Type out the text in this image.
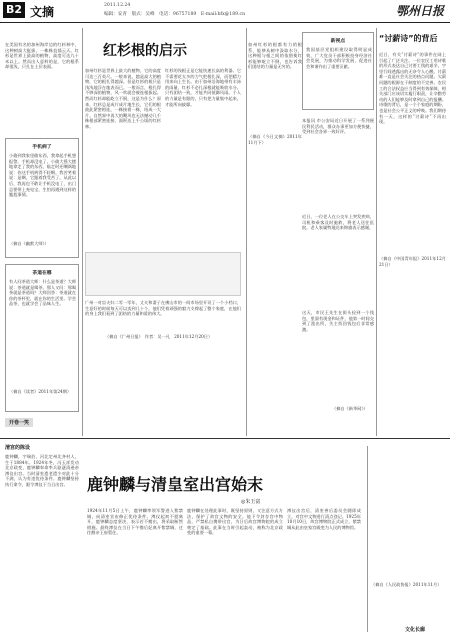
B2 文摘	2011.12.24
编辑：安青　版式：吴峰　电话：96757189　E-mail:bfx@189.cn	鄂州日报
在美国有名的加州海岸边的红杉林中，这种树高大挺拔，一株株直插云天。红杉是世界上最高的植物，高度可达九十米以上。然而出人意料的是，它的根系却很浅，只扎在土层表面。
手机病了
小偷到我家里偷东西，我拿起手机想报警，手机却没电了。小偷大摇大摆地拿走了我的东西，临走时还嘲讽地说：你这手机病得不轻啊。我苦笑着说：是啊，它跟着我受苦了。从此以后，我再也不敢让手机没电了，出门总要带上充电宝，生怕再遇到这样的尴尬事情。
（摘自《幽默大师》）
茶道在哪
有人问茶道大师：什么是茶道？大师说：茶道就是喝茶。那人又问：那喝茶就是茶道吗？大师回答：茶道就在你的茶杯里，就在你的生活里。学会品茶，也就学会了品味人生。
（摘自《读者》2011年第24期）
开卷一笑
红杉根的启示
加州红杉是世界上最大的植物，它的高度可达三百英尺。一般来说，越是高大的植物，它的根扎得越深。但是红杉的根只是浅浅地浮在地表而已。一般而言，根扎得不够深的植物，风一吹就会被连根拔起。然而红杉却能屹立不倒，这是为什么？原来，红杉总是成片成片地生长，它们的根彼此紧密相连，一株接着一株，结成一大片。自然界中再大的飓风也无法撼动几千株根部紧密连接、面积达上千公顷的红杉林。
红杉的浅根正是它能快速长高的利器。它不需要花太多的力气把根扎深，而把精力用来向上生长。由于加州沿海地带有丰沛的雨量，红杉不必扎深根就能吸收水分。只有团结一致，才能共同抵御风雨。个人的力量是有限的，只有把力量集中起来，才能所向披靡。
广州一对盲夫妇二零一零年，丈夫和妻子在佛山市的一间市场里开设了一个小档口，生意好的时候每天可以卖到几十个，他们凭着顽强的毅力支撑起了整个家庭，在他们的身上我们看到了团结的力量和爱的伟大。
（摘自《广州日报》　作者：吴一凡　2011年12月20日）
加州红杉的根都有力的根系，能够从树中汲取水分，这种根与根之间的依偎使红杉能够屹立不倒，也告诉我们团结的力量是无穷的。
（摘自《今日文摘》2011年11月下）
新视点
我国基层党组织建设取得明显成效，广大党员干部积极投身经济社会发展，为推动科学发展、促进社会和谐作出了重要贡献。
本报讯 市公安局近日开展了一系列便民利民活动，群众办事更加方便快捷，受到社会各界一致好评。
近日，一位老人在公交车上突发疾病，司机和乘客及时施救，将老人送往医院。老人家属特地送来锦旗表示感谢。
这天，市民王先生在街头捡到一个钱包，里面有现金和证件，他第一时间交到了派出所，失主找回钱包后非常感激。
（摘自《新华网》）
“讨薪诗”的背后
近日，有关“讨薪诗”的事件在网上引起了广泛关注。一位农民工用诗歌的形式表达自己讨要工钱的艰辛，字里行间透露出的无奈令人心酸。讨薪难一直是社会关注的热点问题。欠薪问题的根源在于制度的不完善。农民工的合法权益应当得到有效保障，相关部门应该切实履行职责，让辛勤劳动的人们能够及时拿到自己的报酬。诗歌的背后，是一个个家庭的期盼，也是社会公平正义的呼唤。我们期待有一天，这样的“讨薪诗”不再出现。
（摘自《中国青年报》2011年12月21日）
清宫的陈设
鹿钟麟，字瑞伯，河北定州北齐村人，生于1884年。1924年冬，冯玉祥发动北京政变，鹿钟麟奉命率兵驱逐清逊帝溥仪出宫。当时清室遗老遗少对此十分不满，认为有违优待条件。鹿钟麟坚持执行命令，限令溥仪于当日出宫。	鹿钟麟与清皇室出宫始末
◎朱玉富
1924年11月5日上午，鹿钟麟率领军警进入紫禁城，向清室宣布修正优待条件。溥仪起初不愿离开，鹿钟麟态度坚决，表示若不搬出，将采取断然措施。最终溥仪在当日下午携后妃离开紫禁城，迁往醇亲王府暂住。
鹿钟麟在处理此事时，既坚持原则，又注意方式方法，保护了故宫文物的安全。他下令封存宫中物品，严禁私自携带出宫，为日后故宫博物院的成立奠定了基础。此事在当时引起轰动，被称为北京政变的重要一幕。
溥仪出宫后，清室善后委员会随即成立，对宫中文物进行清点登记。1925年10月10日，故宫博物院正式成立，紫禁城从此由皇家宫殿变为人民的博物馆。
（摘自《人民政协报》2011年11月）
文化长廊
